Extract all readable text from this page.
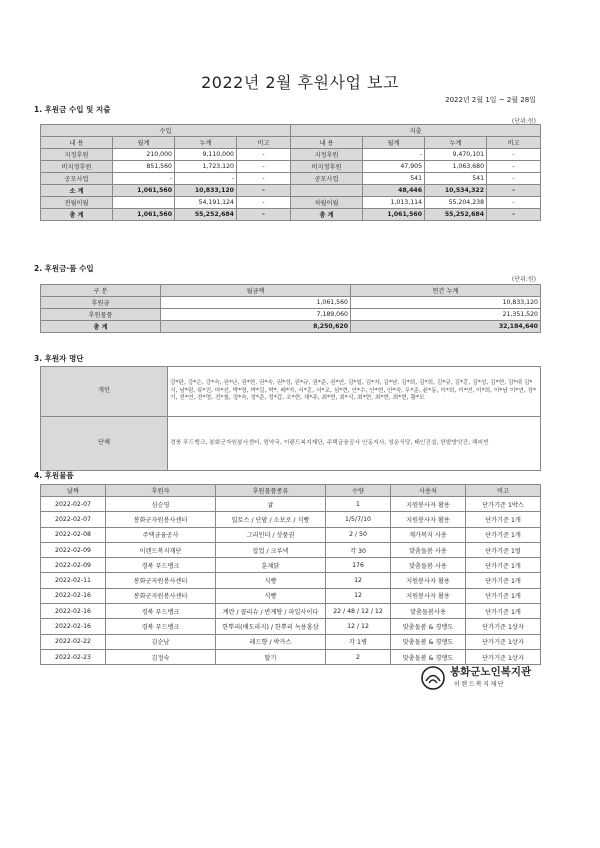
2022년 2월 후원사업 보고
2022년 2월 1일 ~ 2월 28일
1. 후원금 수입 및 지출
(단위:원)
수입				지출			
내 용	월계	누계	비고	내 용	월계	누계	비고
지정후원	210,000	9,110,000	-	지정후원	-	9,470,101	-
비지정후원	851,560	1,723,120	-	비지정후원	47,905	1,063,680	-
공모사업	-	-	-	공모사업	541	541	-
소 계	1,061,560	10,833,120	-		48,446	10,534,322	-
전월이월		54,191,124	-	차월이월	1,013,114	55,204,238	-
총 계	1,061,560	55,252,684	-	총 계	1,061,560	55,252,684	-
2. 후원금·품 수입
(단위:원)
구 분	월금액	연간 누계
후원금	1,061,560	10,833,120
후원물품	7,189,060	21,351,520
총 계	8,250,620	32,184,640
3. 후원자 명단
개인	강*란, 강*은, 강*숙, 권*난, 권*현, 권*숙, 권*성, 권*규, 권*준, 권*연, 김*일, 김*자, 김*남, 김*희, 김*희, 김*규, 김*홍, 김*성, 김*현, 김*대 김*식, 남*림, 류*진, 마*선, 박*영, 박*길, 박*, 배*자, 서*홍, 서*교, 심*현, 안*수, 안*현, 안*숙, 우*준, 윤*동, 이*희, 이*연, 이*희, 이*남 이*연, 장*기, 전*연, 전*영, 전*철, 정*숙, 정*준, 정*갑, 조*현, 채*주, 최*현, 최*식, 최*현, 최*현, 최*현, 황*모
단체	경북 푸드뱅크, 봉화군자원봉사센터, 엄약국, 이랜드복지재단, 주택금융공사 안동지사, 청운식당, 태인건설, 한밭방앗간, 해피빈
4. 후원물품
날짜	후원자	후원물품종류	수량	사용처	비고
2022-02-07	심승영	귤	1	지원봉사자 활용	단가기준 1박스
2022-02-07	봉화군자원봉사센터	밀토스 / 단팥 / 소보로 / 식빵	1/5/7/10	지원봉사자 활용	단가기준 1개
2022-02-08	주택금융공사	그리인더 / 상품권	2 / 50	재가복지 사용	단가기준 1개
2022-02-09	이랜드복지재단	잡업 / 크루넥	각 30	맞춤돌봄 사용	단가기준 1벌
2022-02-09	경북 푸드뱅크	훈제닭	176	맞춤돌봄 사용	단가기준 1개
2022-02-11	봉화군자원봉사센터	식빵	12	지원봉사자 활용	단가기준 1개
2022-02-16	봉화군자원봉사센터	식빵	12	지원봉사자 활용	단가기준 1개
2022-02-16	경북 푸드뱅크	계란 / 콜리슈 / 반계탕 / 파일사이다	22 / 48 / 12 / 12	맞춤돌봄사용	단가기준 1개
2022-02-16	경북 푸드뱅크	한뿌리(배도라지) / 한뿌리 녹용홍삼	12 / 12	맞춤돌봄 & 경맹도	단가기준 1상자
2022-02-22	김순남	레드향 / 박카스	각 1병	맞춤돌봄 & 경맹도	단가기준 1상자
2022-02-23	김정숙	딸기	2	맞춤돌봄 & 경맹도	단가기준 1상자
봉화군노인복지관
이랜드복지재단
